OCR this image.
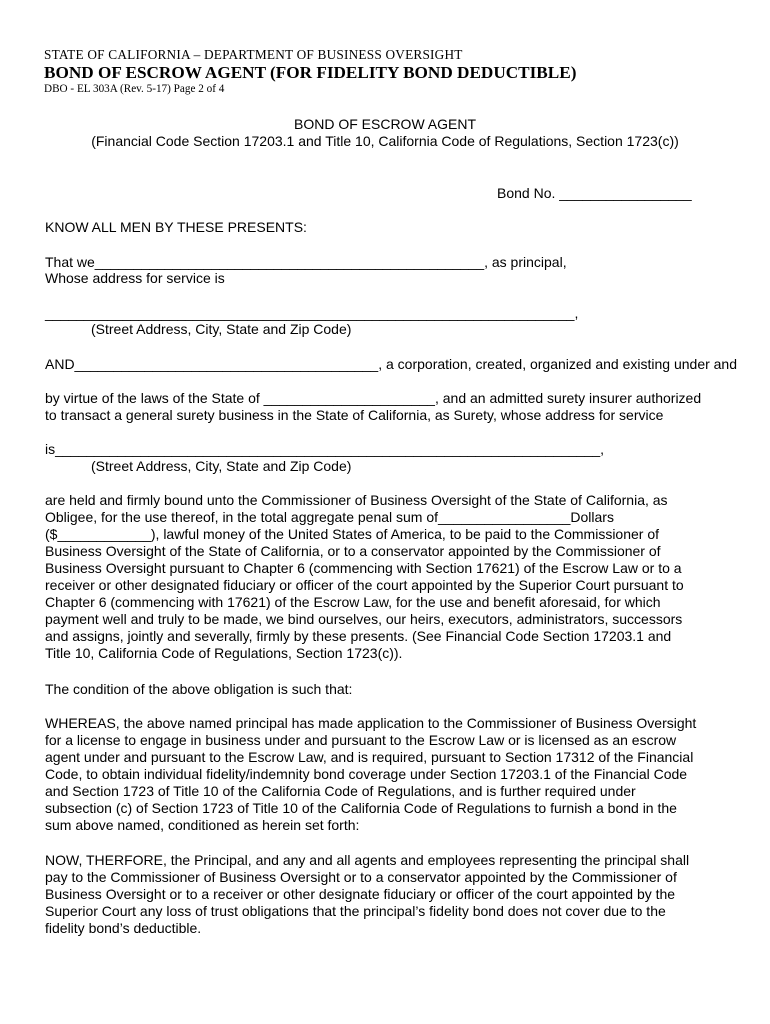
STATE OF CALIFORNIA – DEPARTMENT OF BUSINESS OVERSIGHT
BOND OF ESCROW AGENT (FOR FIDELITY BOND DEDUCTIBLE)
DBO - EL 303A (Rev. 5-17) Page 2 of 4
BOND OF ESCROW AGENT
(Financial Code Section 17203.1 and Title 10, California Code of Regulations, Section 1723(c))
Bond No. _________________
KNOW ALL MEN BY THESE PRESENTS:
That we__________________________________________________, as principal,
Whose address for service is
____________________________________________________________________,
(Street Address, City, State and Zip Code)
AND_______________________________________, a corporation, created, organized and existing under and
by virtue of the laws of the State of ______________________, and an admitted surety insurer authorized
to transact a general surety business in the State of California, as Surety, whose address for service
is______________________________________________________________________,
(Street Address, City, State and Zip Code)
are held and firmly bound unto the Commissioner of Business Oversight of the State of California, as
Obligee, for the use thereof, in the total aggregate penal sum of_________________Dollars
($____________), lawful money of the United States of America, to be paid to the Commissioner of
Business Oversight of the State of California, or to a conservator appointed by the Commissioner of
Business Oversight pursuant to Chapter 6 (commencing with Section 17621) of the Escrow Law or to a
receiver or other designated fiduciary or officer of the court appointed by the Superior Court pursuant to
Chapter 6 (commencing with 17621) of the Escrow Law, for the use and benefit aforesaid, for which
payment well and truly to be made, we bind ourselves, our heirs, executors, administrators, successors
and assigns, jointly and severally, firmly by these presents. (See Financial Code Section 17203.1 and
Title 10, California Code of Regulations, Section 1723(c)).
The condition of the above obligation is such that:
WHEREAS, the above named principal has made application to the Commissioner of Business Oversight
for a license to engage in business under and pursuant to the Escrow Law or is licensed as an escrow
agent under and pursuant to the Escrow Law, and is required, pursuant to Section 17312 of the Financial
Code, to obtain individual fidelity/indemnity bond coverage under Section 17203.1 of the Financial Code
and Section 1723 of Title 10 of the California Code of Regulations, and is further required under
subsection (c) of Section 1723 of Title 10 of the California Code of Regulations to furnish a bond in the
sum above named, conditioned as herein set forth:
NOW, THERFORE, the Principal, and any and all agents and employees representing the principal shall
pay to the Commissioner of Business Oversight or to a conservator appointed by the Commissioner of
Business Oversight or to a receiver or other designate fiduciary or officer of the court appointed by the
Superior Court any loss of trust obligations that the principal’s fidelity bond does not cover due to the
fidelity bond’s deductible.
